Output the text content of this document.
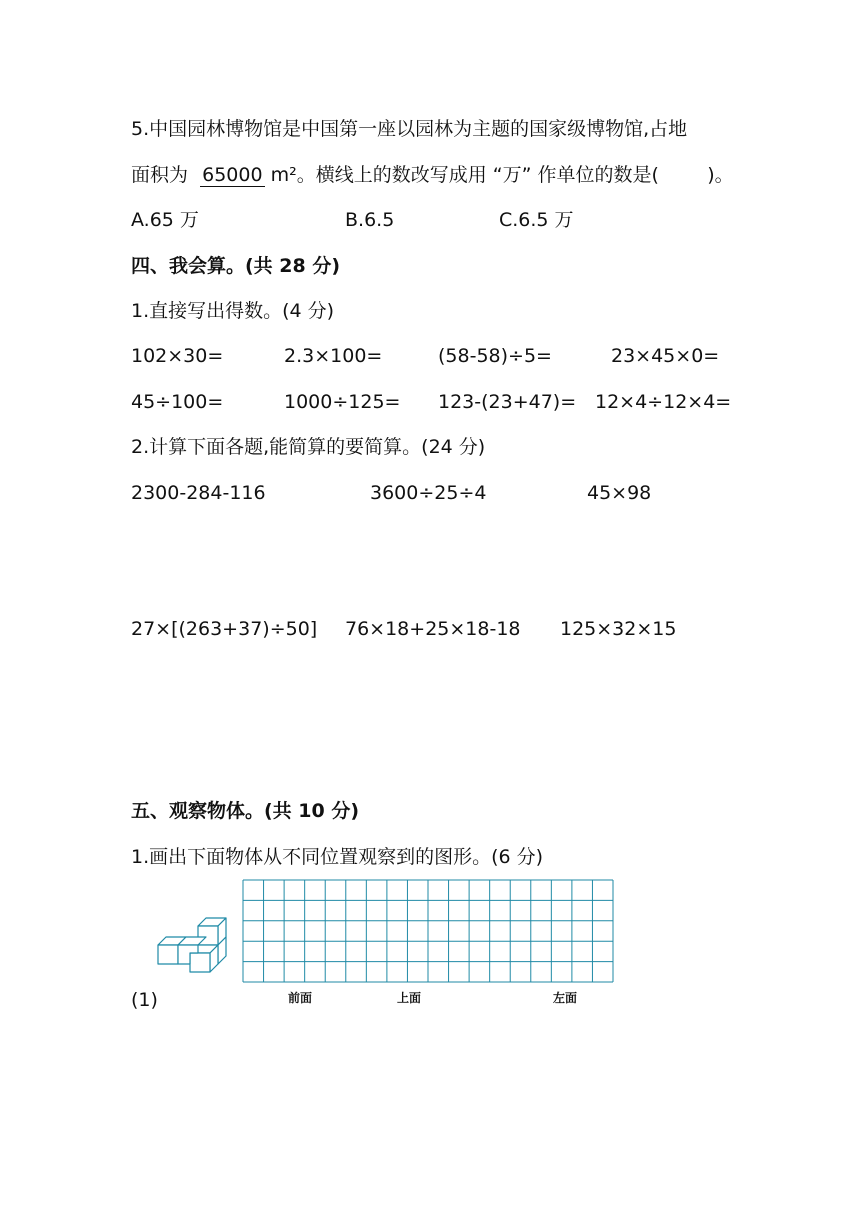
5.中国园林博物馆是中国第一座以园林为主题的国家级博物馆,占地
面积为 65000 m²。横线上的数改写成用 “万” 作单位的数是(	)。
A.65 万	B.6.5	C.6.5 万
四、我会算。(共 28 分)
1.直接写出得数。(4 分)
102×30=	2.3×100=	(58-58)÷5=	23×45×0=
45÷100=	1000÷125= 123-(23+47)= 12×4÷12×4=
2.计算下面各题,能简算的要简算。(24 分)
2300-284-116	3600÷25÷4	45×98
27×[(263+37)÷50] 76×18+25×18-18 125×32×15
五、观察物体。(共 10 分)
1.画出下面物体从不同位置观察到的图形。(6 分)
(1)	前面	上面	左面
